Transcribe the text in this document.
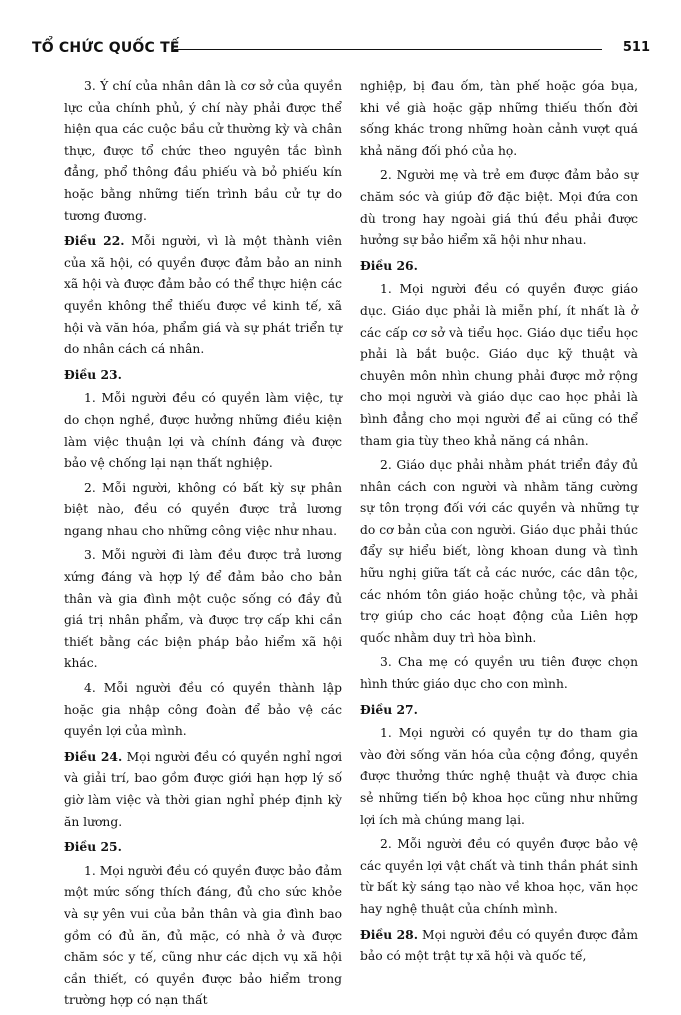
TỔ CHỨC QUỐC TẾ	511

3. Ý chí của nhân dân là cơ sở của quyền lực của chính phủ, ý chí này phải được thể hiện qua các cuộc bầu cử thường kỳ và chân thực, được tổ chức theo nguyên tắc bình đẳng, phổ thông đầu phiếu và bỏ phiếu kín hoặc bằng những tiến trình bầu cử tự do tương đương.

Điều 22. Mỗi người, vì là một thành viên của xã hội, có quyền được đảm bảo an ninh xã hội và được đảm bảo có thể thực hiện các quyền không thể thiếu được về kinh tế, xã hội và văn hóa, phẩm giá và sự phát triển tự do nhân cách cá nhân.

Điều 23.

1. Mỗi người đều có quyền làm việc, tự do chọn nghề, được hưởng những điều kiện làm việc thuận lợi và chính đáng và được bảo vệ chống lại nạn thất nghiệp.

2. Mỗi người, không có bất kỳ sự phân biệt nào, đều có quyền được trả lương ngang nhau cho những công việc như nhau.

3. Mỗi người đi làm đều được trả lương xứng đáng và hợp lý để đảm bảo cho bản thân và gia đình một cuộc sống có đầy đủ giá trị nhân phẩm, và được trợ cấp khi cần thiết bằng các biện pháp bảo hiểm xã hội khác.

4. Mỗi người đều có quyền thành lập hoặc gia nhập công đoàn để bảo vệ các quyền lợi của mình.

Điều 24. Mọi người đều có quyền nghỉ ngơi và giải trí, bao gồm được giới hạn hợp lý số giờ làm việc và thời gian nghỉ phép định kỳ ăn lương.

Điều 25.

1. Mọi người đều có quyền được bảo đảm một mức sống thích đáng, đủ cho sức khỏe và sự yên vui của bản thân và gia đình bao gồm có đủ ăn, đủ mặc, có nhà ở và được chăm sóc y tế, cũng như các dịch vụ xã hội cần thiết, có quyền được bảo hiểm trong trường hợp có nạn thất

nghiệp, bị đau ốm, tàn phế hoặc góa bụa, khi về già hoặc gặp những thiếu thốn đời sống khác trong những hoàn cảnh vượt quá khả năng đối phó của họ.

2. Người mẹ và trẻ em được đảm bảo sự chăm sóc và giúp đỡ đặc biệt. Mọi đứa con dù trong hay ngoài giá thú đều phải được hưởng sự bảo hiểm xã hội như nhau.

Điều 26.

1. Mọi người đều có quyền được giáo dục. Giáo dục phải là miễn phí, ít nhất là ở các cấp cơ sở và tiểu học. Giáo dục tiểu học phải là bắt buộc. Giáo dục kỹ thuật và chuyên môn nhìn chung phải được mở rộng cho mọi người và giáo dục cao học phải là bình đẳng cho mọi người để ai cũng có thể tham gia tùy theo khả năng cá nhân.

2. Giáo dục phải nhằm phát triển đầy đủ nhân cách con người và nhằm tăng cường sự tôn trọng đối với các quyền và những tự do cơ bản của con người. Giáo dục phải thúc đẩy sự hiểu biết, lòng khoan dung và tình hữu nghị giữa tất cả các nước, các dân tộc, các nhóm tôn giáo hoặc chủng tộc, và phải trợ giúp cho các hoạt động của Liên hợp quốc nhằm duy trì hòa bình.

3. Cha mẹ có quyền ưu tiên được chọn hình thức giáo dục cho con mình.

Điều 27.

1. Mọi người có quyền tự do tham gia vào đời sống văn hóa của cộng đồng, quyền được thưởng thức nghệ thuật và được chia sẻ những tiến bộ khoa học cũng như những lợi ích mà chúng mang lại.

2. Mỗi người đều có quyền được bảo vệ các quyền lợi vật chất và tinh thần phát sinh từ bất kỳ sáng tạo nào về khoa học, văn học hay nghệ thuật của chính mình.

Điều 28. Mọi người đều có quyền được đảm bảo có một trật tự xã hội và quốc tế,
